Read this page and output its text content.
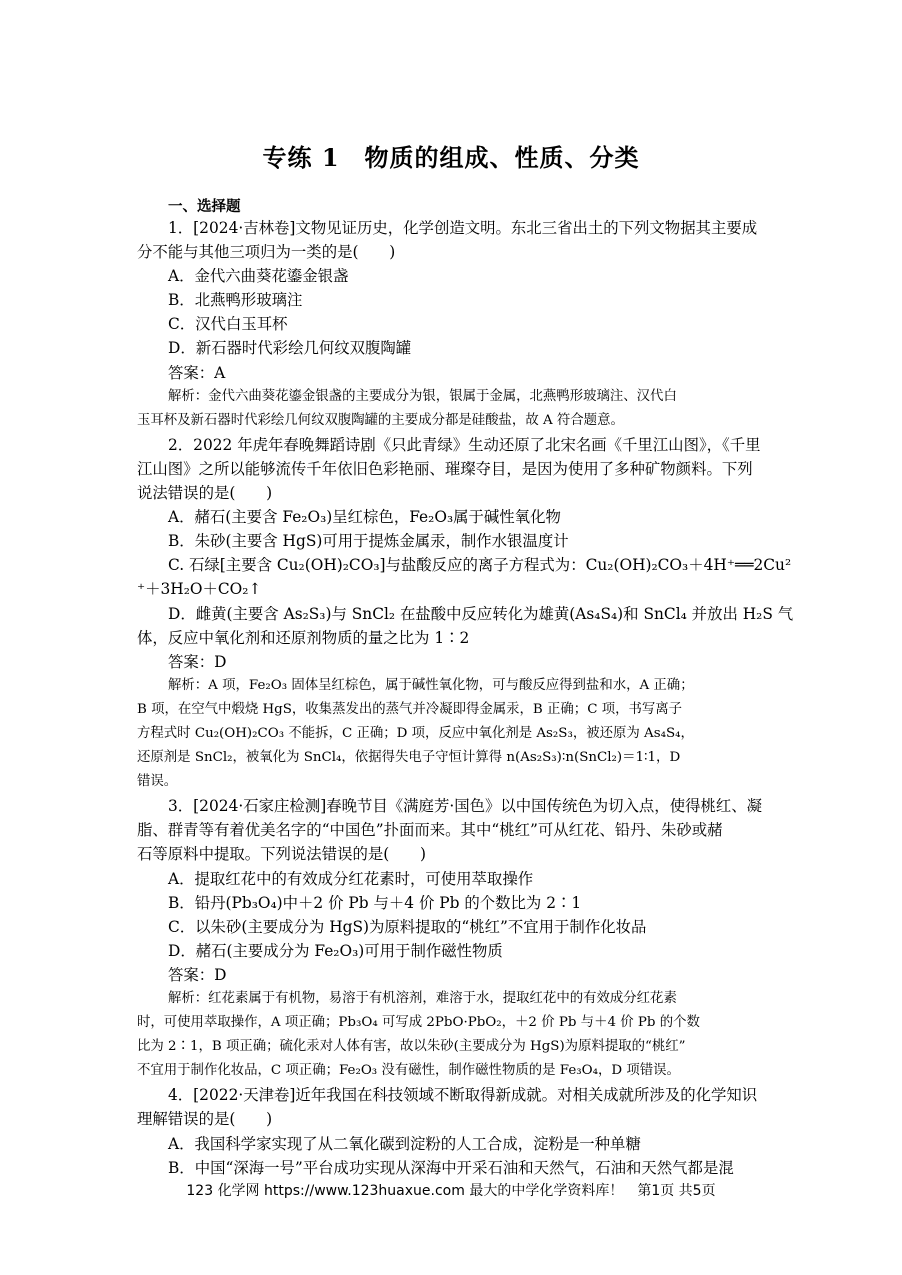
专练 1　物质的组成、性质、分类
一、选择题
1．[2024·吉林卷]文物见证历史，化学创造文明。东北三省出土的下列文物据其主要成
分不能与其他三项归为一类的是(　　)
A．金代六曲葵花鎏金银盏
B．北燕鸭形玻璃注
C．汉代白玉耳杯
D．新石器时代彩绘几何纹双腹陶罐
答案：A
解析：金代六曲葵花鎏金银盏的主要成分为银，银属于金属，北燕鸭形玻璃注、汉代白
玉耳杯及新石器时代彩绘几何纹双腹陶罐的主要成分都是硅酸盐，故 A 符合题意。
2．2022 年虎年春晚舞蹈诗剧《只此青绿》生动还原了北宋名画《千里江山图》，《千里
江山图》之所以能够流传千年依旧色彩艳丽、璀璨夺目，是因为使用了多种矿物颜料。下列
说法错误的是(　　)
A．赭石(主要含 Fe₂O₃)呈红棕色，Fe₂O₃属于碱性氧化物
B．朱砂(主要含 HgS)可用于提炼金属汞，制作水银温度计
C. 石绿[主要含 Cu₂(OH)₂CO₃]与盐酸反应的离子方程式为：Cu₂(OH)₂CO₃＋4H⁺══2Cu²
⁺＋3H₂O＋CO₂↑
D．雌黄(主要含 As₂S₃)与 SnCl₂ 在盐酸中反应转化为雄黄(As₄S₄)和 SnCl₄ 并放出 H₂S 气
体，反应中氧化剂和还原剂物质的量之比为 1∶2
答案：D
解析：A 项，Fe₂O₃ 固体呈红棕色，属于碱性氧化物，可与酸反应得到盐和水，A 正确；
B 项，在空气中煅烧 HgS，收集蒸发出的蒸气并冷凝即得金属汞，B 正确；C 项，书写离子
方程式时 Cu₂(OH)₂CO₃ 不能拆，C 正确；D 项，反应中氧化剂是 As₂S₃，被还原为 As₄S₄，
还原剂是 SnCl₂，被氧化为 SnCl₄，依据得失电子守恒计算得 n(As₂S₃)∶n(SnCl₂)＝1∶1，D
错误。
3．[2024·石家庄检测]春晚节目《满庭芳·国色》以中国传统色为切入点，使得桃红、凝
脂、群青等有着优美名字的“中国色”扑面而来。其中“桃红”可从红花、铅丹、朱砂或赭
石等原料中提取。下列说法错误的是(　　)
A．提取红花中的有效成分红花素时，可使用萃取操作
B．铅丹(Pb₃O₄)中＋2 价 Pb 与＋4 价 Pb 的个数比为 2∶1
C．以朱砂(主要成分为 HgS)为原料提取的“桃红”不宜用于制作化妆品
D．赭石(主要成分为 Fe₂O₃)可用于制作磁性物质
答案：D
解析：红花素属于有机物，易溶于有机溶剂，难溶于水，提取红花中的有效成分红花素
时，可使用萃取操作，A 项正确；Pb₃O₄ 可写成 2PbO·PbO₂，＋2 价 Pb 与＋4 价 Pb 的个数
比为 2∶1，B 项正确；硫化汞对人体有害，故以朱砂(主要成分为 HgS)为原料提取的“桃红”
不宜用于制作化妆品，C 项正确；Fe₂O₃ 没有磁性，制作磁性物质的是 Fe₃O₄，D 项错误。
4．[2022·天津卷]近年我国在科技领域不断取得新成就。对相关成就所涉及的化学知识
理解错误的是(　　)
A．我国科学家实现了从二氧化碳到淀粉的人工合成，淀粉是一种单糖
B．中国“深海一号”平台成功实现从深海中开采石油和天然气，石油和天然气都是混
123 化学网 https://www.123huaxue.com 最大的中学化学资料库！　第1页 共5页
